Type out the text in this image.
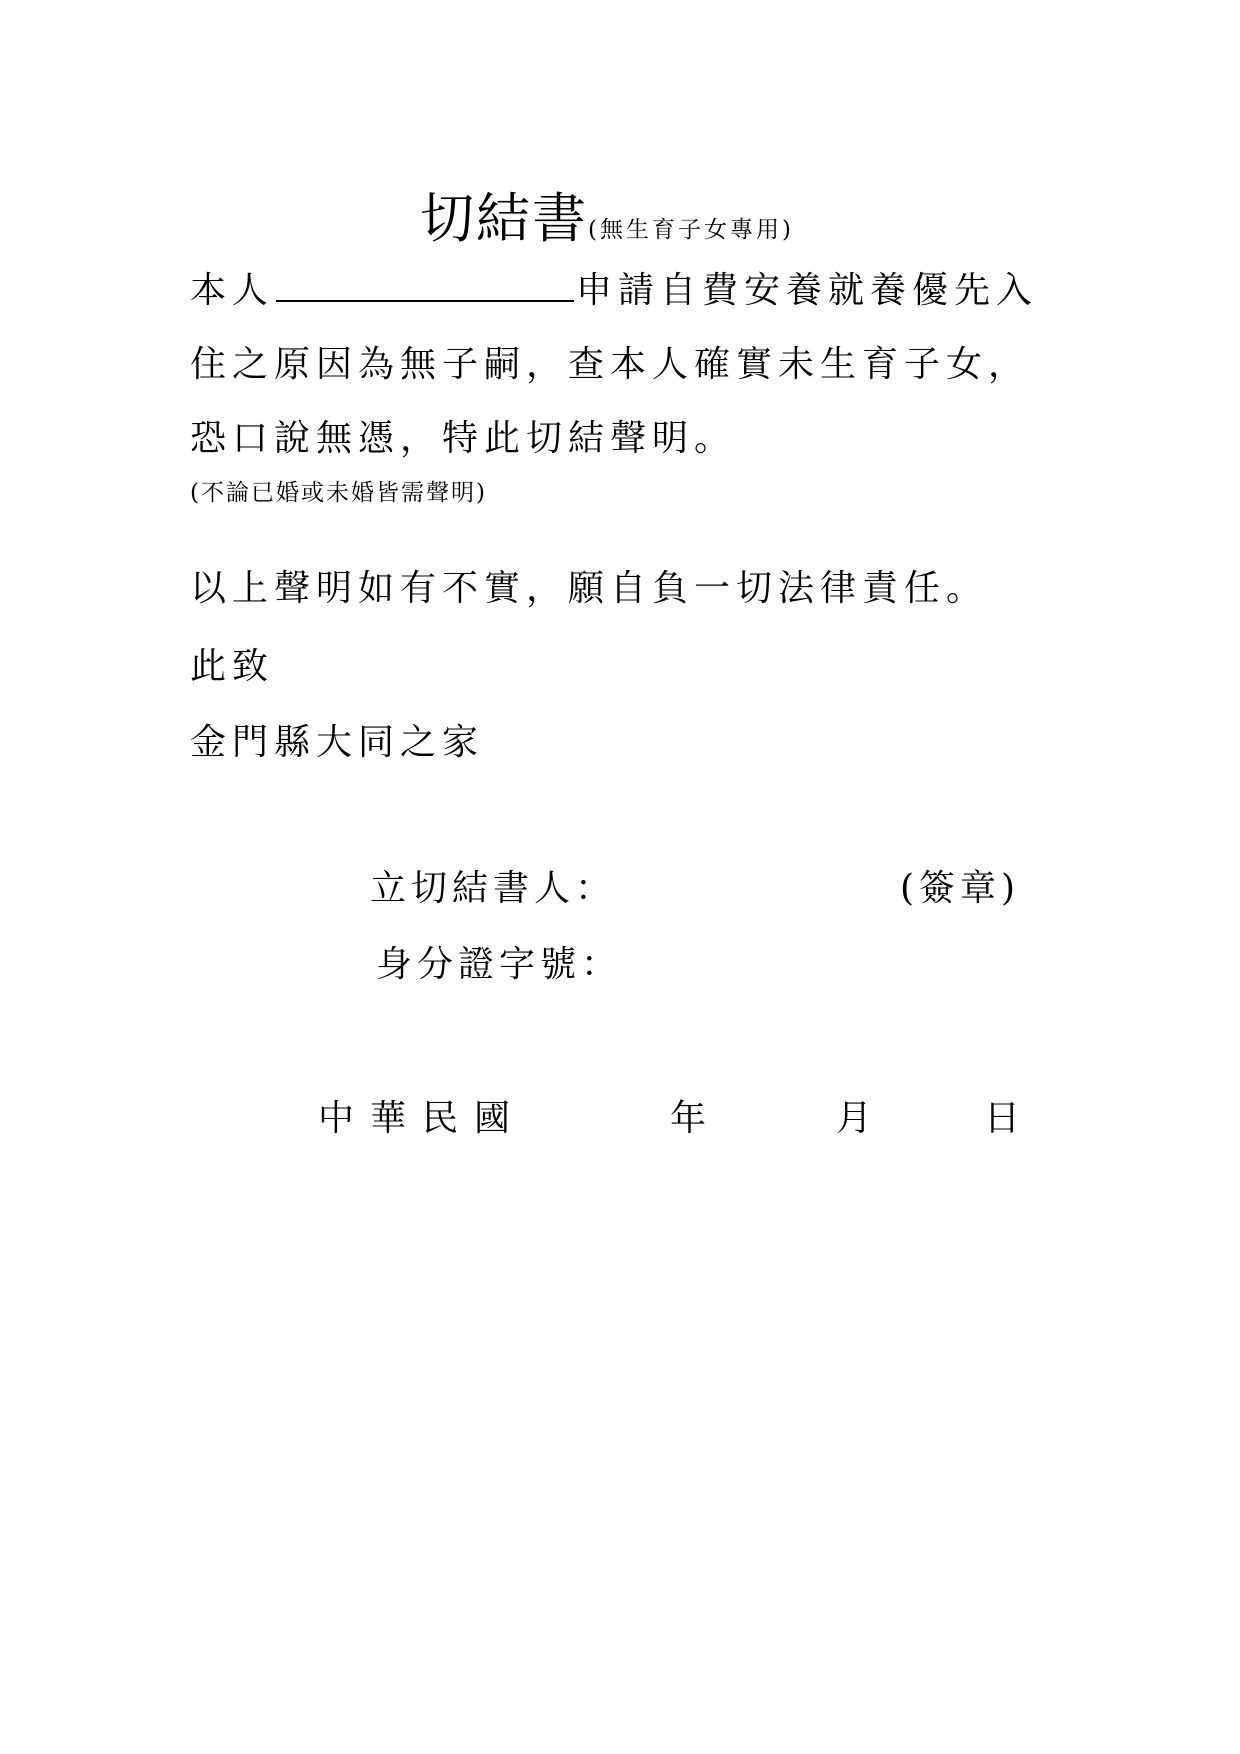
切結書(無生育子女專用)
本人	申請自費安養就養優先入
住之原因為無子嗣，查本人確實未生育子女，
恐口說無憑，特此切結聲明。
(不論已婚或未婚皆需聲明)
以上聲明如有不實，願自負一切法律責任。
此致
金門縣大同之家
立切結書人：	(簽章)
身分證字號：
中華民國	年	月	日
